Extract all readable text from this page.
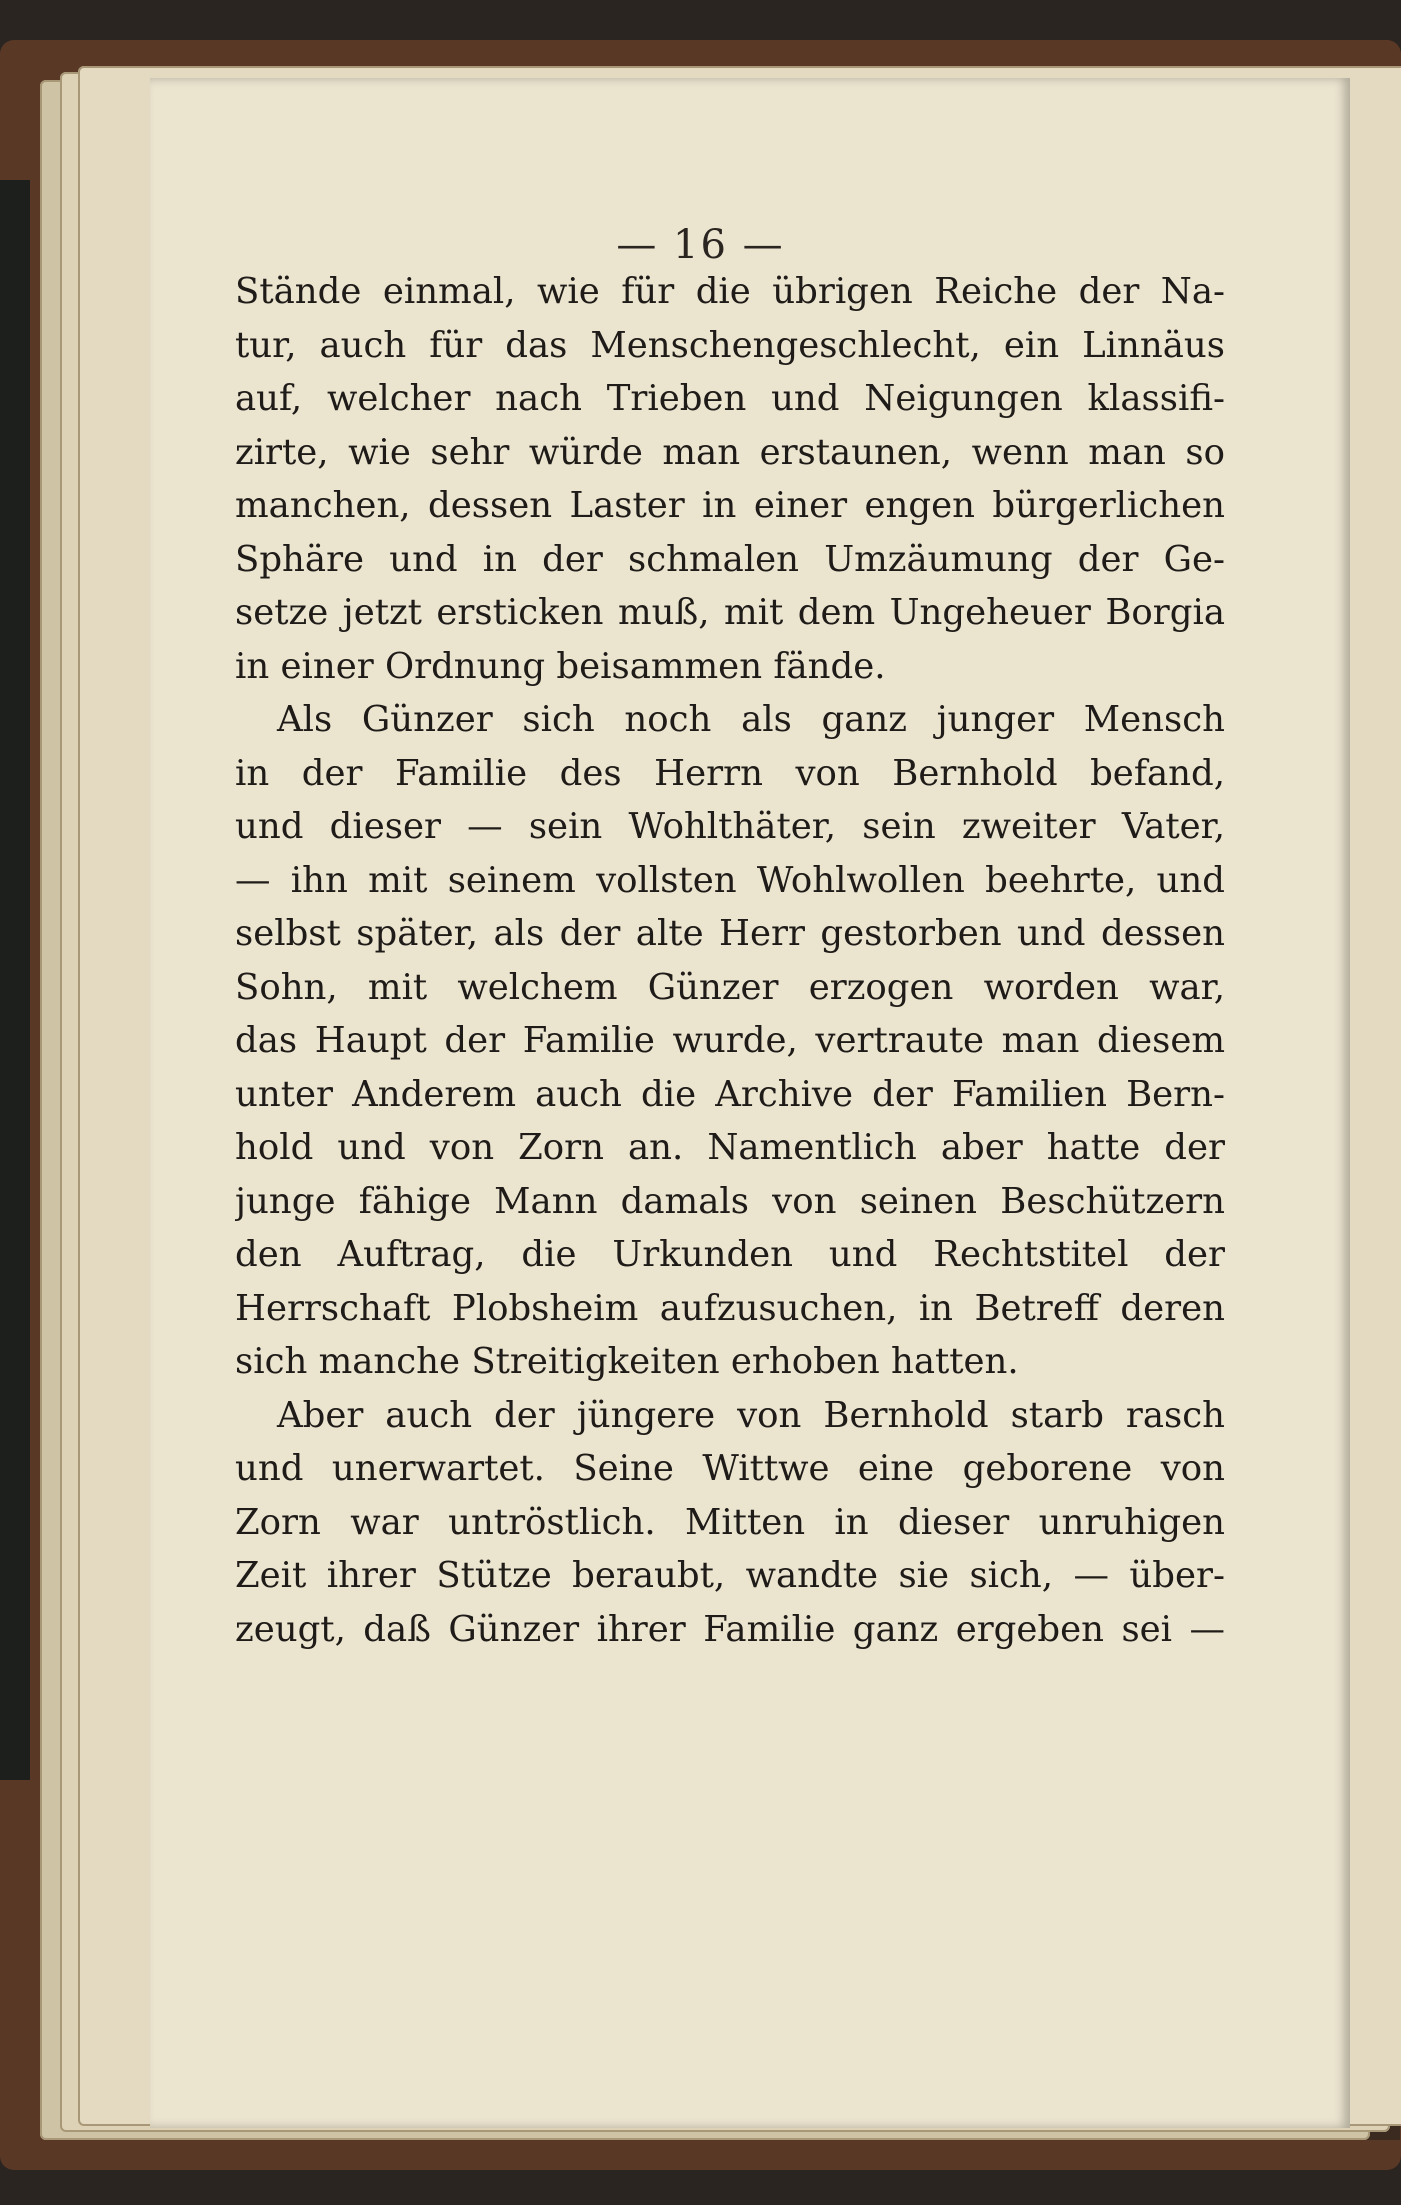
— 16 —
Stände einmal, wie für die übrigen Reiche der Na-
tur, auch für das Menschengeschlecht, ein Linnäus
auf, welcher nach Trieben und Neigungen klassifi-
zirte, wie sehr würde man erstaunen, wenn man so
manchen, dessen Laster in einer engen bürgerlichen
Sphäre und in der schmalen Umzäumung der Ge-
setze jetzt ersticken muß, mit dem Ungeheuer Borgia
in einer Ordnung beisammen fände.
Als Günzer sich noch als ganz junger Mensch
in der Familie des Herrn von Bernhold befand,
und dieser — sein Wohlthäter, sein zweiter Vater,
— ihn mit seinem vollsten Wohlwollen beehrte, und
selbst später, als der alte Herr gestorben und dessen
Sohn, mit welchem Günzer erzogen worden war,
das Haupt der Familie wurde, vertraute man diesem
unter Anderem auch die Archive der Familien Bern-
hold und von Zorn an. Namentlich aber hatte der
junge fähige Mann damals von seinen Beschützern
den Auftrag, die Urkunden und Rechtstitel der
Herrschaft Plobsheim aufzusuchen, in Betreff deren
sich manche Streitigkeiten erhoben hatten.
Aber auch der jüngere von Bernhold starb rasch
und unerwartet. Seine Wittwe eine geborene von
Zorn war untröstlich. Mitten in dieser unruhigen
Zeit ihrer Stütze beraubt, wandte sie sich, — über-
zeugt, daß Günzer ihrer Familie ganz ergeben sei —
